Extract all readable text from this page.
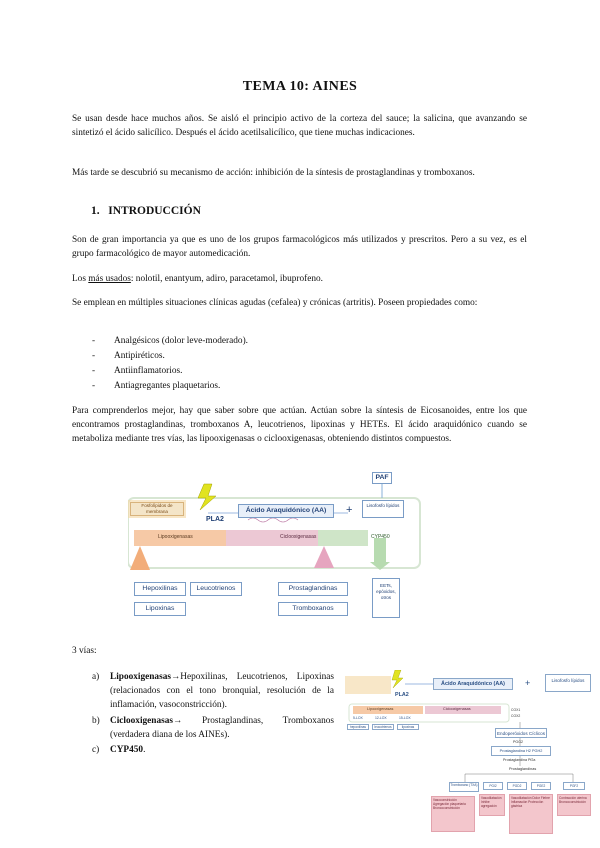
TEMA 10: AINES

Se usan desde hace muchos años. Se aisló el principio activo de la corteza del sauce; la salicina, que avanzando se sintetizó el ácido salicílico. Después el ácido acetilsalicílico, que tiene muchas indicaciones.

Más tarde se descubrió su mecanismo de acción: inhibición de la síntesis de prostaglandinas y tromboxanos.

1. INTRODUCCIÓN

Son de gran importancia ya que es uno de los grupos farmacológicos más utilizados y prescritos. Pero a su vez, es el grupo farmacológico de mayor automedicación.

Los más usados: nolotil, enantyum, adiro, paracetamol, ibuprofeno.

Se emplean en múltiples situaciones clínicas agudas (cefalea) y crónicas (artritis). Poseen propiedades como:

- Analgésicos (dolor leve-moderado).
- Antipiréticos.
- Antiinflamatorios.
- Antiagregantes plaquetarios.

Para comprenderlos mejor, hay que saber sobre que actúan. Actúan sobre la síntesis de Eicosanoides, entre los que encontramos prostaglandinas, tromboxanos A, leucotrienos, lipoxinas y HETEs. El ácido araquidónico cuando se metaboliza mediante tres vías, las lipooxigenasas o ciclooxigenasas, obteniendo distintos compuestos.

Fosfolípidos de membrana
PLA2
Ácido Araquidónico (AA)	+
PAF
Lisofosfo lípidos
Lipooxigenasas	Ciclooxigenasas	CYP450
Hepoxilinas	Leucotrienos
Lipoxinas
Prostaglandinas
Tromboxanos
EETs, epóxidos, otros
3 vías:
a) Lipooxigenasas→Hepoxilinas, Leucotrienos, Lipoxinas (relacionados con el tono bronquial, resolución de la inflamación, vasoconstricción).
b) Ciclooxigenasas→ Prostaglandinas, Tromboxanos (verdadera diana de los AINEs).
c) CYP450.
Ácido Araquidónico (AA)	+	Lisofosfo lípidos
PLA2
Lipooxigenasas	Ciclooxigenasas	COX1
COX2
5-LOX	12-LOX	15-LOX
hepoxilinas	leucotrienos	lipoxinas
Endoperóxidos Cíclicos
PGG2
Prostaglandina H2 PGH2
Prostaglandina Pf2a
Prostaglandinas
Tromboxano (TXA)	PGI2	PGD2	PGE2	PGF2
Vasoconstricción Agregación plaquetaria Broncoconstricción
Vasodilatación Inhibe agregación
Vasodilatación Dolor Fiebre Inflamación Protección gástrica
Contracción uterina Broncoconstricción
